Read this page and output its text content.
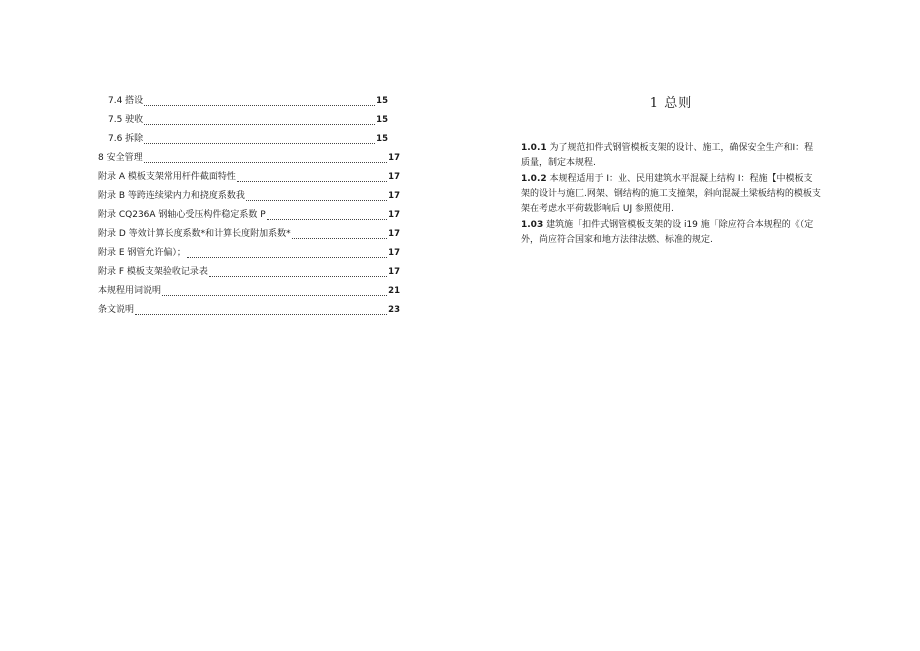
7.4 搭设	15
7.5 驶收	15
7.6 拆除	15
8 安全管理	17
附录 A 模板支架常用杆件截面特性	17
附录 B 等跨连续梁内力和挠度系数我	17
附录 CQ236A 钢轴心受压构件稳定系数 P	17
附录 D 等效计算长度系数*和计算长度附加系数*	17
附录 E 钢管允许偏）；	17
附录 F 模板支架验收记录表	17
本规程用词说明	21
条文说明	23
1 总则

1.0.1 为了规范扣件式钢管模板支架的设计、施工，确保安全生产和I：程质量，制定本规程.

1.0.2 本规程适用于 I：业、民用建筑水平混凝上结构 I：程施【中模板支架的设计与施匚.网架、钢结构的施工支撞架，斜向混凝土梁板结构的模板支架在考虑水平荷载影响后 UJ 参照使用.

1.03 建筑施「扣件式钢管模板支架的设 i19 施「除应符合本规程的《（定外，尚应符合国家和地方法律法燃、标准的规定.
